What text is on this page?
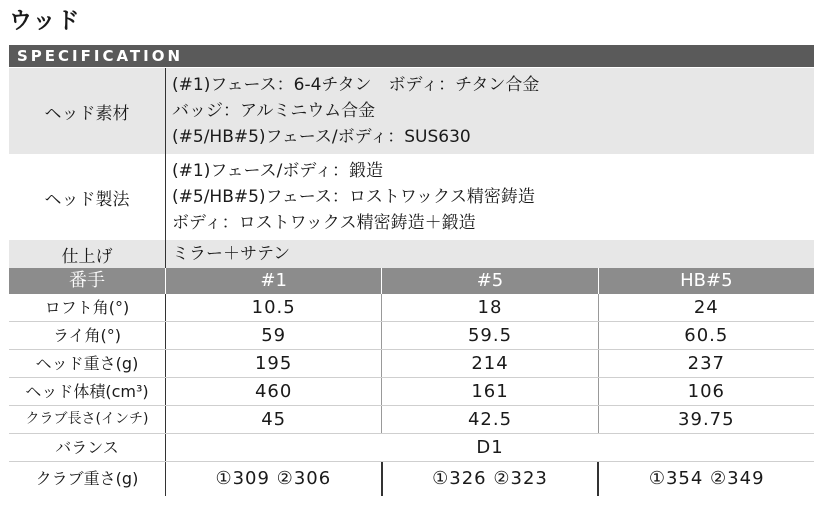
ウッド
SPECIFICATION
ヘッド素材
(#1)フェース：6-4チタン　ボディ：チタン合金
バッジ：アルミニウム合金
(#5/HB#5)フェース/ボディ：SUS630
ヘッド製法
(#1)フェース/ボディ：鍛造
(#5/HB#5)フェース：ロストワックス精密鋳造
ボディ：ロストワックス精密鋳造＋鍛造
仕上げ	ミラー＋サテン
番手	#1	#5	HB#5
ロフト角(°)	10.5	18	24
ライ角(°)	59	59.5	60.5
ヘッド重さ(g)	195	214	237
ヘッド体積(cm³)	460	161	106
クラブ長さ(インチ)	45	42.5	39.75
バランス	D1
クラブ重さ(g)	①309 ②306	①326 ②323	①354 ②349
